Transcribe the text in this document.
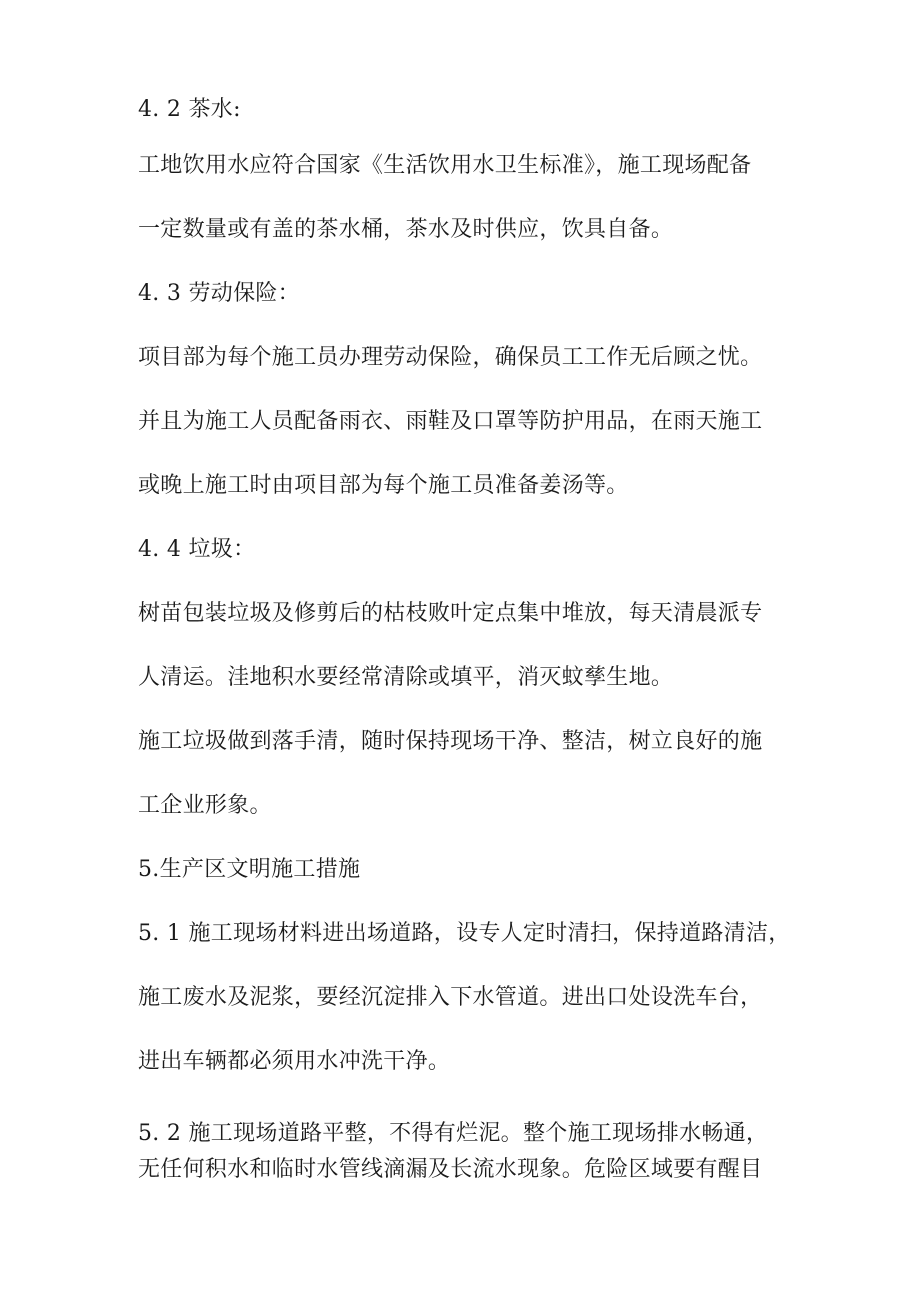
4. 2 茶水:
工地饮用水应符合国家《生活饮用水卫生标准》，施工现场配备
一定数量或有盖的茶水桶，茶水及时供应，饮具自备。
4. 3 劳动保险：
项目部为每个施工员办理劳动保险，确保员工工作无后顾之忧。
并且为施工人员配备雨衣、雨鞋及口罩等防护用品，在雨天施工
或晚上施工时由项目部为每个施工员准备姜汤等。
4. 4 垃圾：
树苗包装垃圾及修剪后的枯枝败叶定点集中堆放，每天清晨派专
人清运。洼地积水要经常清除或填平，消灭蚊孳生地。
施工垃圾做到落手清，随时保持现场干净、整洁，树立良好的施
工企业形象。
5.生产区文明施工措施
5. 1 施工现场材料进出场道路，设专人定时清扫，保持道路清洁，
施工废水及泥浆，要经沉淀排入下水管道。进出口处设洗车台，
进出车辆都必须用水冲洗干净。
5. 2 施工现场道路平整，不得有烂泥。整个施工现场排水畅通，
无任何积水和临时水管线滴漏及长流水现象。危险区域要有醒目
